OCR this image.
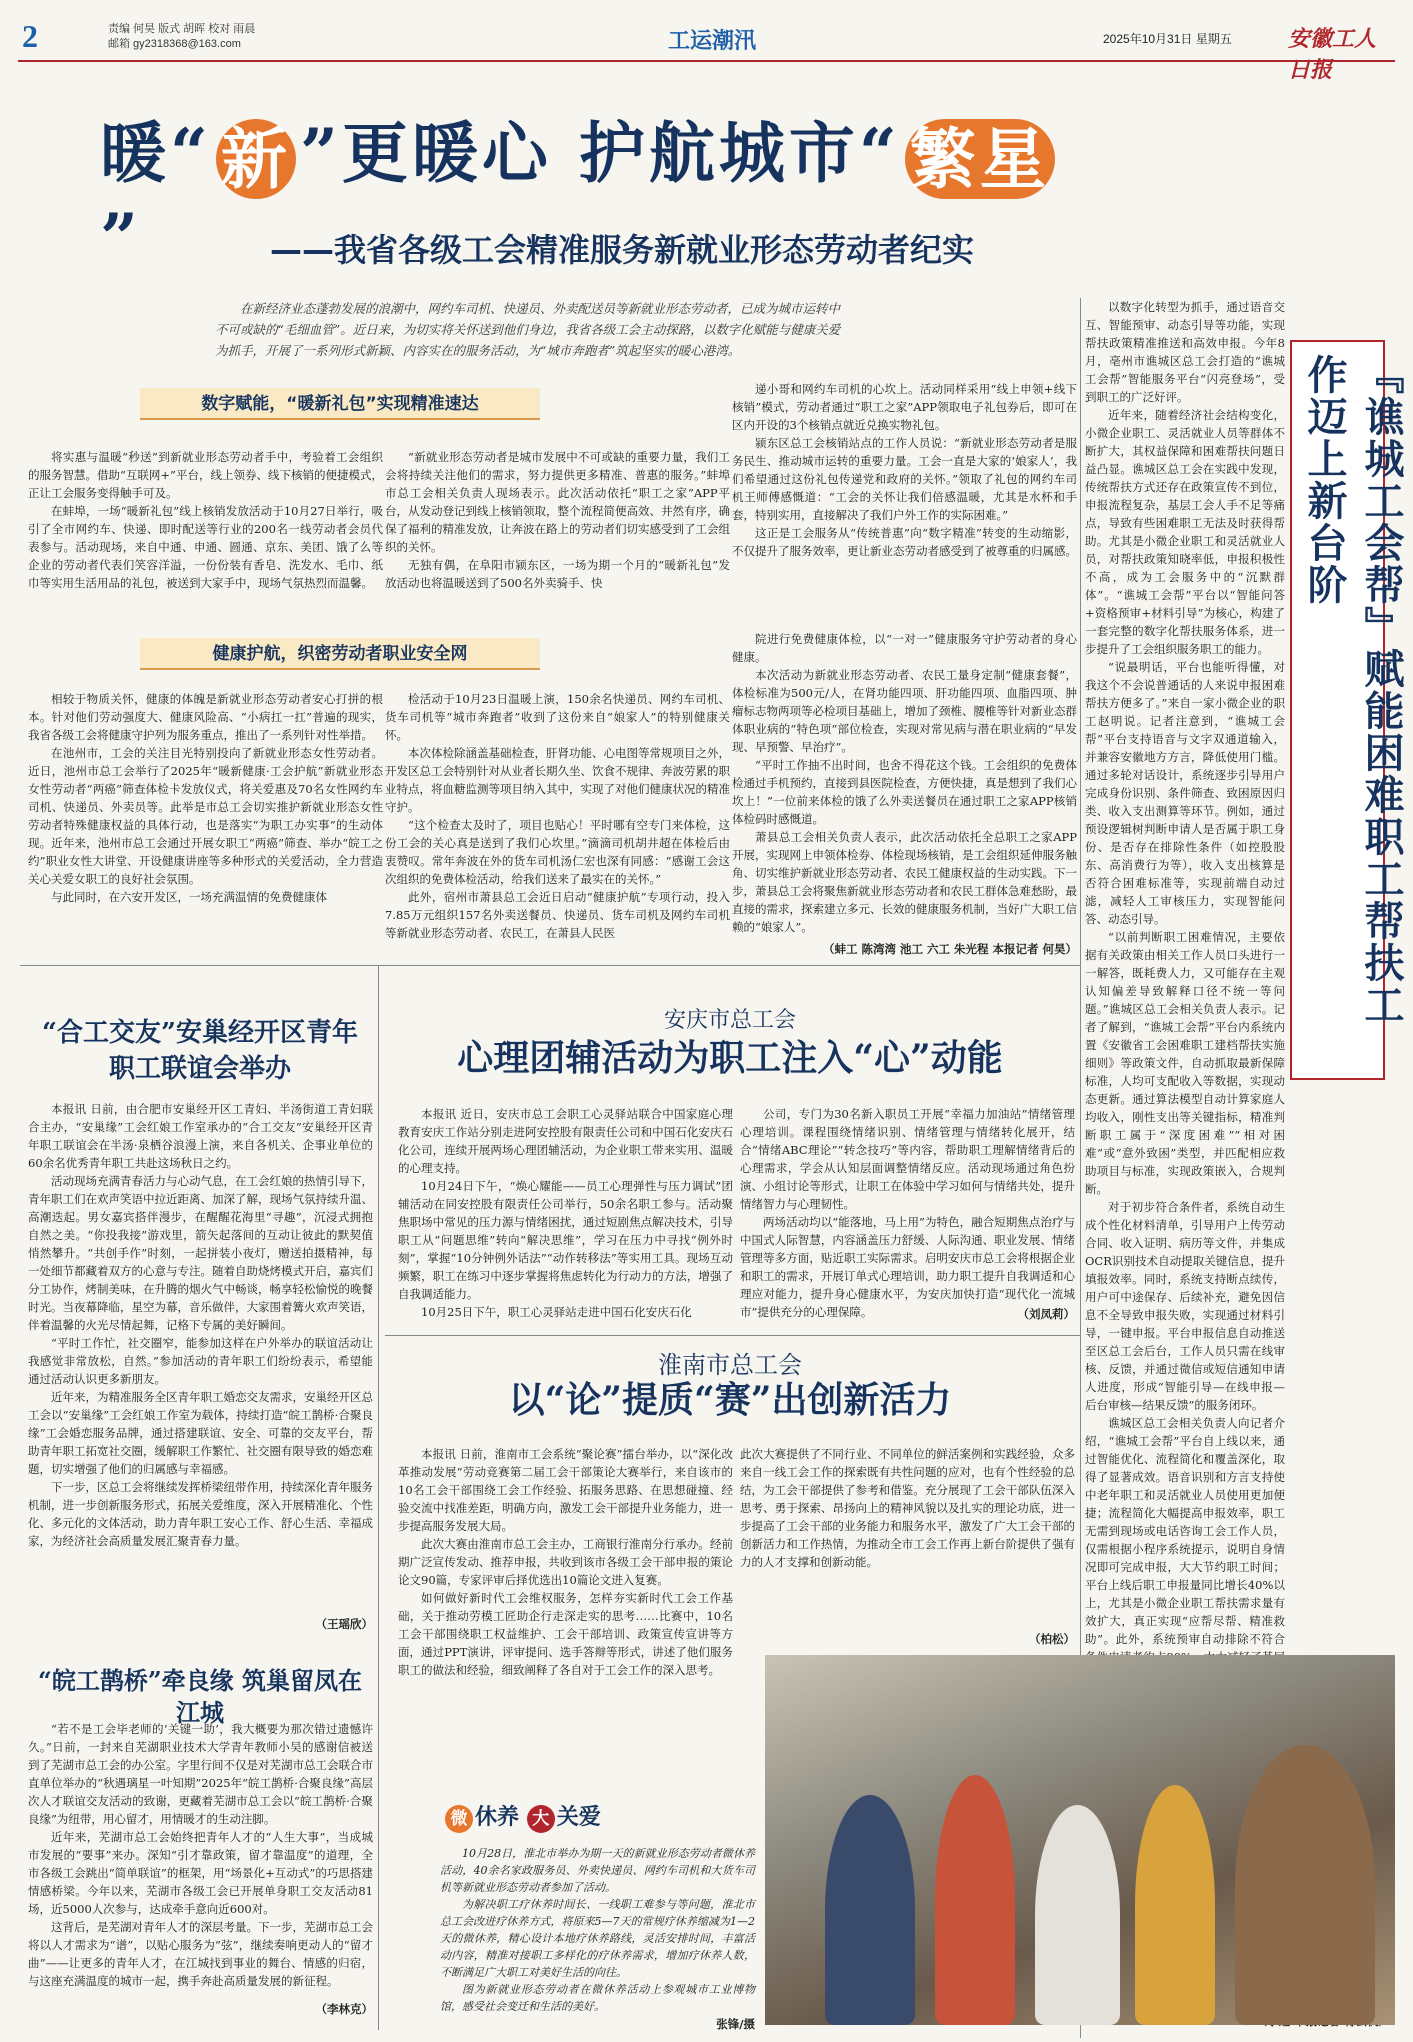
2	责编 何昊 版式 胡晖 校对 雨晨
邮箱 gy2318368@163.com	工运潮汛	2025年10月31日 星期五	安徽工人日报
暖“ 新 ”更暖心 护航城市“ 繁星”	——我省各级工会精准服务新就业形态劳动者纪实
在新经济业态蓬勃发展的浪潮中，网约车司机、快递员、外卖配送员等新就业形态劳动者，已成为城市运转中不可或缺的“毛细血管”。近日来，为切实将关怀送到他们身边，我省各级工会主动探路，以数字化赋能与健康关爱为抓手，开展了一系列形式新颖、内容实在的服务活动，为“城市奔跑者”筑起坚实的暖心港湾。
数字赋能，“暖新礼包”实现精准速达

将实惠与温暖“秒送”到新就业形态劳动者手中，考验着工会组织的服务智慧。借助“互联网+”平台，线上领券、线下核销的便捷模式，正让工会服务变得触手可及。

在蚌埠，一场“暖新礼包”线上核销发放活动于10月27日举行，吸引了全市网约车、快递、即时配送等行业的200名一线劳动者会员代表参与。活动现场，来自中通、申通、圆通、京东、美团、饿了么等企业的劳动者代表们笑容洋溢，一份份装有香皂、洗发水、毛巾、纸巾等实用生活用品的礼包，被送到大家手中，现场气氛热烈而温馨。

“新就业形态劳动者是城市发展中不可或缺的重要力量，我们工会将持续关注他们的需求，努力提供更多精准、普惠的服务。”蚌埠市总工会相关负责人现场表示。此次活动依托“职工之家”APP平台，从发动登记到线上核销领取，整个流程简便高效、井然有序，确保了福利的精准发放，让奔波在路上的劳动者们切实感受到了工会组织的关怀。

无独有偶，在阜阳市颍东区，一场为期一个月的“暖新礼包”发放活动也将温暖送到了500名外卖骑手、快

递小哥和网约车司机的心坎上。活动同样采用“线上申领+线下核销”模式，劳动者通过“职工之家”APP领取电子礼包券后，即可在区内开设的3个核销点就近兑换实物礼包。

颍东区总工会核销站点的工作人员说：“新就业形态劳动者是服务民生、推动城市运转的重要力量。工会一直是大家的‘娘家人’，我们希望通过这份礼包传递党和政府的关怀。”领取了礼包的网约车司机王师傅感慨道：“工会的关怀让我们倍感温暖，尤其是水杯和手套，特别实用，直接解决了我们户外工作的实际困难。”

这正是工会服务从“传统普惠”向“数字精准”转变的生动缩影，不仅提升了服务效率，更让新业态劳动者感受到了被尊重的归属感。

健康护航，织密劳动者职业安全网

相较于物质关怀，健康的体魄是新就业形态劳动者安心打拼的根本。针对他们劳动强度大、健康风险高、“小病扛一扛”普遍的现实，我省各级工会将健康守护列为服务重点，推出了一系列针对性举措。

在池州市，工会的关注目光特别投向了新就业形态女性劳动者。近日，池州市总工会举行了2025年“暖新健康·工会护航”新就业形态女性劳动者“两癌”筛查体检卡发放仪式，将关爱惠及70名女性网约车司机、快递员、外卖员等。此举是市总工会切实推护新就业形态女性劳动者特殊健康权益的具体行动，也是落实“为职工办实事”的生动体现。近年来，池州市总工会通过开展女职工“两癌”筛查、举办“皖工之约”职业女性大讲堂、开设健康讲座等多种形式的关爱活动，全力营造关心关爱女职工的良好社会氛围。

与此同时，在六安开发区，一场充满温情的免费健康体

检活动于10月23日温暖上演，150余名快递员、网约车司机、货车司机等“城市奔跑者”收到了这份来自“娘家人”的特别健康关怀。

本次体检除涵盖基础检查，肝肾功能、心电图等常规项目之外，开发区总工会特别针对从业者长期久坐、饮食不规律、奔波劳累的职业特点，将血糖监测等项目纳入其中，实现了对他们健康状况的精准守护。

“这个检查太及时了，项目也贴心！平时哪有空专门来体检，这份工会的关心真是送到了我们心坎里。”滴滴司机胡井超在体检后由衷赞叹。常年奔波在外的货车司机汤仁宏也深有同感：“感谢工会这次组织的免费体检活动，给我们送来了最实在的关怀。”

此外，宿州市萧县总工会近日启动“健康护航”专项行动，投入7.85万元组织157名外卖送餐员、快递员、货车司机及网约车司机等新就业形态劳动者、农民工，在萧县人民医

院进行免费健康体检，以“一对一”健康服务守护劳动者的身心健康。

本次活动为新就业形态劳动者、农民工量身定制“健康套餐”，体检标准为500元/人，在肾功能四项、肝功能四项、血脂四项、肿瘤标志物两项等必检项目基础上，增加了颈椎、腰椎等针对新业态群体职业病的“特色项”部位检查，实现对常见病与潜在职业病的“早发现、早预警、早治疗”。

“平时工作抽不出时间，也舍不得花这个钱。工会组织的免费体检通过手机预约，直接到县医院检查，方便快捷，真是想到了我们心坎上！”一位前来体检的饿了么外卖送餐员在通过职工之家APP核销体检码时感慨道。

萧县总工会相关负责人表示，此次活动依托全总职工之家APP开展，实现网上申领体检券、体检现场核销，是工会组织延伸服务触角、切实维护新就业形态劳动者、农民工健康权益的生动实践。下一步，萧县总工会将聚焦新就业形态劳动者和农民工群体急难愁盼，最直接的需求，探索建立多元、长效的健康服务机制，当好广大职工信赖的“娘家人”。

（蚌工 陈湾湾 池工 六工 朱光程 本报记者 何昊）

以数字化转型为抓手，通过语音交互、智能预审、动态引导等功能，实现帮扶政策精准推送和高效申报。今年8月，亳州市谯城区总工会打造的“谯城工会帮”智能服务平台“闪亮登场”，受到职工的广泛好评。

近年来，随着经济社会结构变化，小微企业职工、灵活就业人员等群体不断扩大，其权益保障和困难帮扶问题日益凸显。谯城区总工会在实践中发现，传统帮扶方式还存在政策宣传不到位，申报流程复杂，基层工会人手不足等痛点，导致有些困难职工无法及时获得帮助。尤其是小微企业职工和灵活就业人员，对帮扶政策知晓率低，申报积极性不高，成为工会服务中的“沉默群体”。“谯城工会帮”平台以“智能问答+资格预审+材料引导”为核心，构建了一套完整的数字化帮扶服务体系，进一步提升了工会组织服务职工的能力。

“说最明话，平台也能听得懂，对我这个不会说普通话的人来说申报困难帮扶方便多了。”来自一家小微企业的职工赵明说。记者注意到，“谯城工会帮”平台支持语音与文字双通道输入，并兼容安徽地方方言，降低使用门槛。通过多轮对话设计，系统逐步引导用户完成身份识别、条件筛查、致困原因归类、收入支出测算等环节。例如，通过预设逻辑树判断申请人是否属于职工身份、是否存在排除性条件（如控股股东、高消费行为等），收入支出核算是否符合困难标准等，实现前端自动过滤，减轻人工审核压力，实现智能问答、动态引导。

“以前判断职工困难情况，主要依据有关政策由相关工作人员口头进行一一解答，既耗费人力，又可能存在主观认知偏差导致解释口径不统一等问题。”谯城区总工会相关负责人表示。记者了解到，“谯城工会帮”平台内系统内置《安徽省工会困难职工建档帮扶实施细则》等政策文件，自动抓取最新保障标准，人均可支配收入等数据，实现动态更新。通过算法模型自动计算家庭人均收入，刚性支出等关键指标，精准判断职工属于“深度困难”“相对困难”或“意外致困”类型，并匹配相应救助项目与标准，实现政策嵌入，合规判断。

对于初步符合条件者，系统自动生成个性化材料清单，引导用户上传劳动合同、收入证明、病历等文件，并集成OCR识别技术自动提取关键信息，提升填报效率。同时，系统支持断点续传，用户可中途保存、后续补充，避免因信息不全导致申报失败，实现通过材料引导，一键申报。平台申报信息自动推送至区总工会后台，工作人员只需在线审核、反馈，并通过微信或短信通知申请人进度，形成“智能引导—在线申报—后台审核—结果反馈”的服务闭环。

谯城区总工会相关负责人向记者介绍，“谯城工会帮”平台自上线以来，通过智能优化、流程简化和覆盖深化，取得了显著成效。语音识别和方言支持使中老年职工和灵活就业人员使用更加便捷；流程简化大幅提高申报效率，职工无需到现场或电话咨询工会工作人员，仅需根据小程序系统提示，说明自身情况即可完成申报，大大节约职工时间；平台上线后职工申报量同比增长40%以上，尤其是小微企业职工帮扶需求量有效扩大，真正实现“应帮尽帮、精准救助”。此外，系统预审自动排除不符合

『谯城工会帮』赋能困难职工帮扶工作迈上新台阶
“合工交友”安巢经开区青年职工联谊会举办

本报讯 日前，由合肥市安巢经开区工青妇、半汤街道工青妇联合主办，“安巢缘”工会红娘工作室承办的“合工交友”安巢经开区青年职工联谊会在半汤·泉栖谷浪漫上演，来自各机关、企事业单位的60余名优秀青年职工共赴这场秋日之约。

活动现场充满青春活力与心动气息，在工会红娘的热情引导下，青年职工们在欢声笑语中拉近距离、加深了解，现场气氛持续升温、高潮迭起。男女嘉宾搭伴漫步，在醒醒花海里“寻趣”，沉浸式拥抱自然之美。“你投我接”游戏里，箭矢起落间的互动让彼此的默契值悄然攀升。“共创手作”时刻，一起拼装小夜灯，赠送拍摄精神，每一处细节都藏着双方的心意与专注。随着自助烧烤模式开启，嘉宾们分工协作，烤制美味，在升腾的烟火气中畅谈，畅享轻松愉悦的晚餐时光。当夜幕降临，星空为幕，音乐做伴，大家围着篝火欢声笑语，伴着温馨的火光尽情起舞，记格下专属的美好瞬间。

“平时工作忙，社交圈窄，能参加这样在户外举办的联谊活动让我感觉非常放松，自然。”参加活动的青年职工们纷纷表示，希望能通过活动认识更多新朋友。

近年来，为精准服务全区青年职工婚恋交友需求，安巢经开区总工会以“安巢缘”工会红娘工作室为载体，持续打造“皖工鹊桥·合聚良缘”工会婚恋服务品牌，通过搭建联谊、安全、可靠的交友平台，帮助青年职工拓宽社交圈，缓解职工作繁忙、社交圈有限导致的婚恋难题，切实增强了他们的归属感与幸福感。

下一步，区总工会将继续发挥桥梁纽带作用，持续深化青年服务机制，进一步创新服务形式，拓展关爱维度，深入开展精准化、个性化、多元化的文体活动，助力青年职工安心工作、舒心生活、幸福成家，为经济社会高质量发展汇聚青春力量。

（王瑶欣）
“皖工鹊桥”牵良缘 筑巢留凤在江城

“若不是工会毕老师的‘关键一助’，我大概要为那次错过遗憾许久。”日前，一封来自芜湖职业技术大学青年教师小吴的感谢信被送到了芜湖市总工会的办公室。字里行间不仅是对芜湖市总工会联合市直单位举办的“秋遇璃星一叶知期”2025年“皖工鹊桥·合聚良缘”高层次人才联谊交友活动的致谢，更藏着芜湖市总工会以“皖工鹊桥·合聚良缘”为纽带，用心留才，用情暖才的生动注脚。

近年来，芜湖市总工会始终把青年人才的“人生大事”，当成城市发展的“要事”来办。深知“引才靠政策，留才靠温度”的道理，全市各级工会跳出“简单联谊”的框架，用“场景化+互动式”的巧思搭建情感桥梁。今年以来，芜湖市各级工会已开展单身职工交友活动81场，近5000人次参与，达成牵手意向近600对。

这背后，是芜湖对青年人才的深层考量。下一步，芜湖市总工会将以人才需求为“谱”，以贴心服务为“弦”，继续奏响更动人的“留才曲”——让更多的青年人才，在江城找到事业的舞台、情感的归宿，与这座充满温度的城市一起，携手奔赴高质量发展的新征程。

（李林克）
安庆市总工会
心理团辅活动为职工注入“心”动能

本报讯 近日，安庆市总工会职工心灵驿站联合中国家庭心理教育安庆工作站分别走进阿安控股有限责任公司和中国石化安庆石化公司，连续开展两场心理团辅活动，为企业职工带来实用、温暖的心理支持。

10月24日下午，“焕心耀能——员工心理弹性与压力调试”团辅活动在同安控股有限责任公司举行，50余名职工参与。活动聚焦职场中常见的压力源与情绪困扰，通过短剧焦点解决技术，引导职工从“问题思维”转向“解决思维”，学习在压力中寻找“例外时刻”，掌握“10分钟例外话法”“动作转移法”等实用工具。现场互动频繁，职工在练习中逐步掌握将焦虑转化为行动力的方法，增强了自我调适能力。

10月25日下午，职工心灵驿站走进中国石化安庆石化

公司，专门为30名新入职员工开展“幸福力加油站”情绪管理心理培训。课程围绕情绪识别、情绪管理与情绪转化展开，结合“情绪ABC理论”“转念技巧”等内容，帮助职工理解情绪背后的心理需求，学会从认知层面调整情绪反应。活动现场通过角色扮演、小组讨论等形式，让职工在体验中学习如何与情绪共处，提升情绪智力与心理韧性。

两场活动均以“能落地，马上用”为特色，融合短期焦点治疗与中国式人际智慧，内容涵盖压力舒缓、人际沟通、职业发展、情绪管理等多方面，贴近职工实际需求。启明安庆市总工会将根据企业和职工的需求，开展订单式心理培训，助力职工提升自我调适和心理应对能力，提升身心健康水平，为安庆加快打造“现代化一流城市”提供充分的心理保障。	（刘凤莉）
淮南市总工会
以“论”提质“赛”出创新活力

本报讯 日前，淮南市工会系统“聚论赛”擂台举办，以“深化改革推动发展”劳动竞赛第二届工会干部策论大赛举行，来自该市的10名工会干部围绕工会工作经验、拓服务思路、在思想碰撞、经验交流中找准差距，明确方向，激发工会干部提升业务能力，进一步提高服务发展大局。

此次大赛由淮南市总工会主办，工商银行淮南分行承办。经前期广泛宣传发动、推荐申报，共收到该市各级工会干部申报的策论论文90篇，专家评审后择优选出10篇论文进入复赛。

如何做好新时代工会维权服务，怎样夯实新时代工会工作基础，关于推动劳模工匠助企行走深走实的思考……比赛中，10名工会干部围绕职工权益维护、工会干部培训、政策宣传宣讲等方面，通过PPT演讲，评审提问、选手答辩等形式，讲述了他们服务职工的做法和经验，细致阐释了各自对于工会工作的深入思考。

此次大赛提供了不同行业、不同单位的鲜活案例和实践经验，众多来自一线工会工作的探索既有共性问题的应对，也有个性经验的总结，为工会干部提供了参考和借鉴。充分展现了工会干部队伍深入思考、勇于探索、昂扬向上的精神风貌以及扎实的理论功底，进一步提高了工会干部的业务能力和服务水平，激发了广大工会干部的创新活力和工作热情，为推动全市工会工作再上新台阶提供了强有力的人才支撑和创新动能。
（柏松）
微 休养 大 关爱

10月28日，淮北市举办为期一天的新就业形态劳动者微休养活动，40余名家政服务员、外卖快递员、网约车司机和大货车司机等新就业形态劳动者参加了活动。

为解决职工疗休养时间长、一线职工难参与等问题，淮北市总工会改进疗休养方式，将原来5—7天的常规疗休养缩减为1—2天的微休养，精心设计本地疗休养路线，灵活安排时间，丰富活动内容，精准对接职工多样化的疗休养需求，增加疗休养人数，不断满足广大职工对美好生活的向往。

图为新就业形态劳动者在微休养活动上参观城市工业博物馆，感受社会变迁和生活的美好。

张锋/摄
